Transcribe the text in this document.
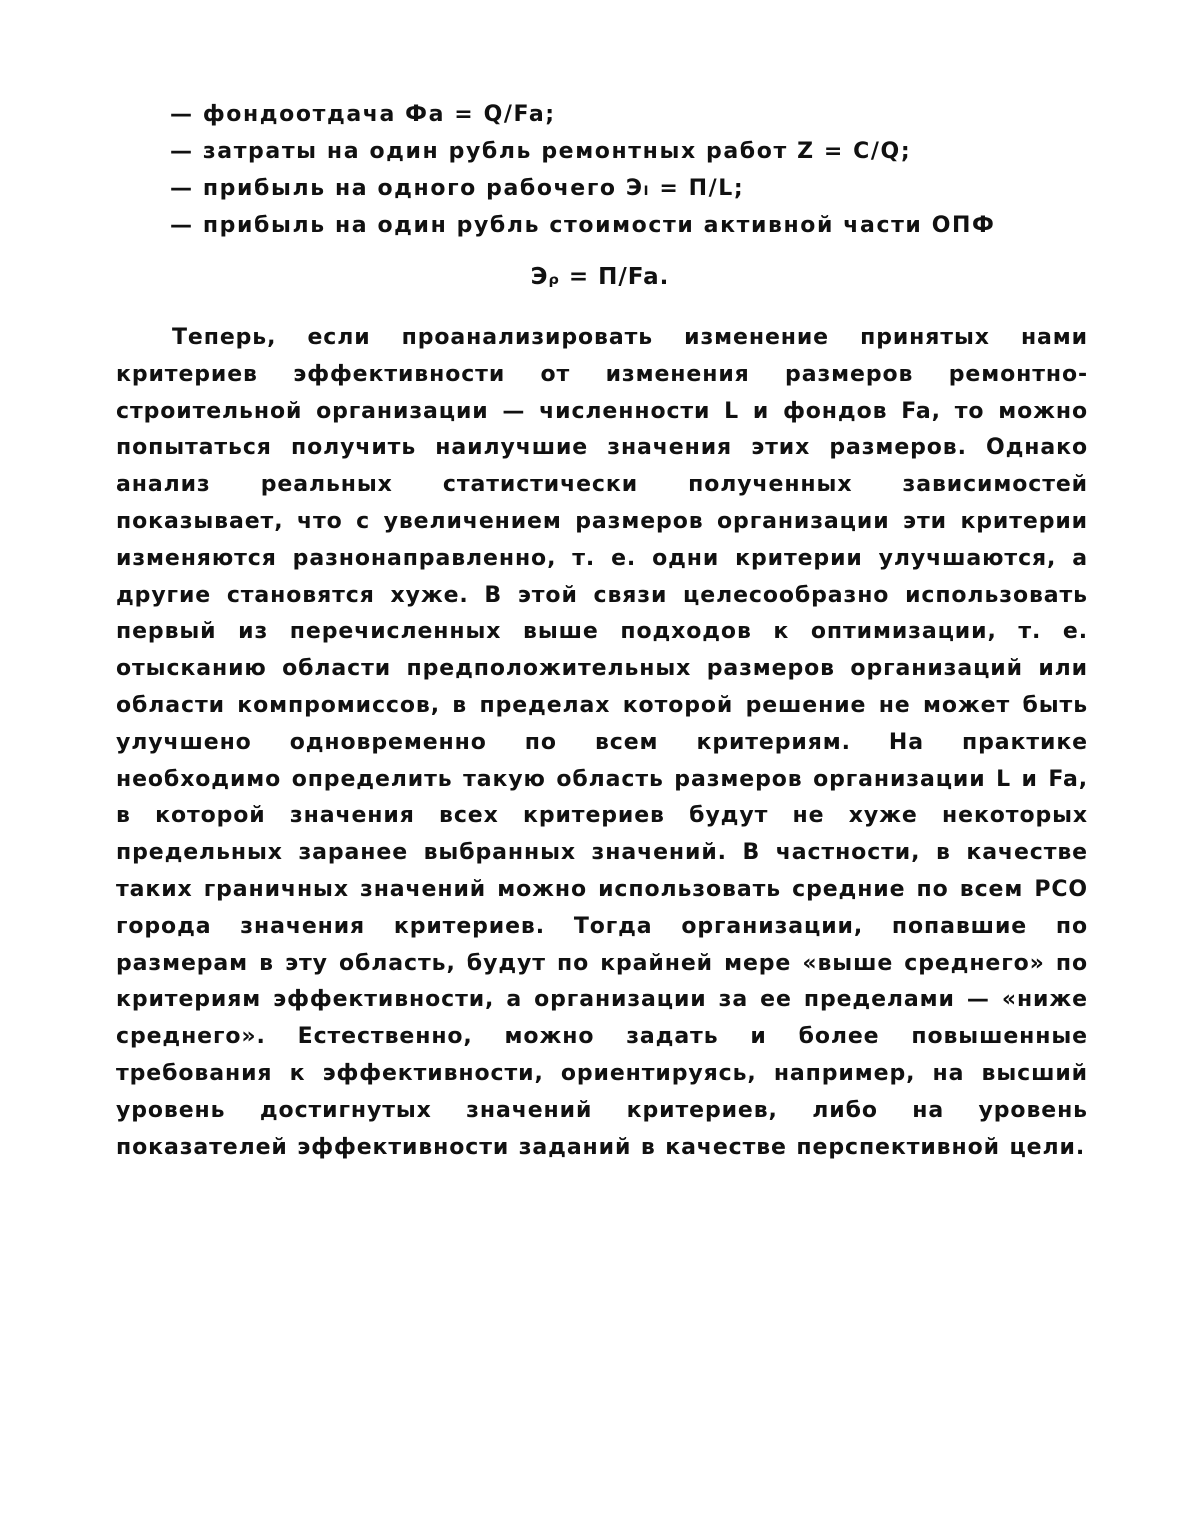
— фондоотдача Фа = Q/Fa;
— затраты на один рубль ремонтных работ Z = C/Q;
— прибыль на одного рабочего Эₗ = П/L;
— прибыль на один рубль стоимости активной части ОПФ
Эᵨ = П/Fa.

Теперь, если проанализировать изменение принятых нами критериев эффективности от изменения размеров ремонтно-строительной организации — численности L и фондов Fa, то можно попытаться получить наилучшие значения этих размеров. Однако анализ реальных статистически полученных зависимостей показывает, что с увеличением размеров организации эти критерии изменяются разнонаправленно, т. е. одни критерии улучшаются, а другие становятся хуже. В этой связи целесообразно использовать первый из перечисленных выше подходов к оптимизации, т. е. отысканию области предположительных размеров организаций или области компромиссов, в пределах которой решение не может быть улучшено одновременно по всем критериям. На практике необходимо определить такую область размеров организации L и Fa, в которой значения всех критериев будут не хуже некоторых предельных заранее выбранных значений. В частности, в качестве таких граничных значений можно использовать средние по всем РСО города значения критериев. Тогда организации, попавшие по размерам в эту область, будут по крайней мере «выше среднего» по критериям эффективности, а организации за ее пределами — «ниже среднего». Естественно, можно задать и более повышенные требования к эффективности, ориентируясь, например, на высший уровень достигнутых значений критериев, либо на уровень показателей эффективности заданий в качестве перспективной цели.
